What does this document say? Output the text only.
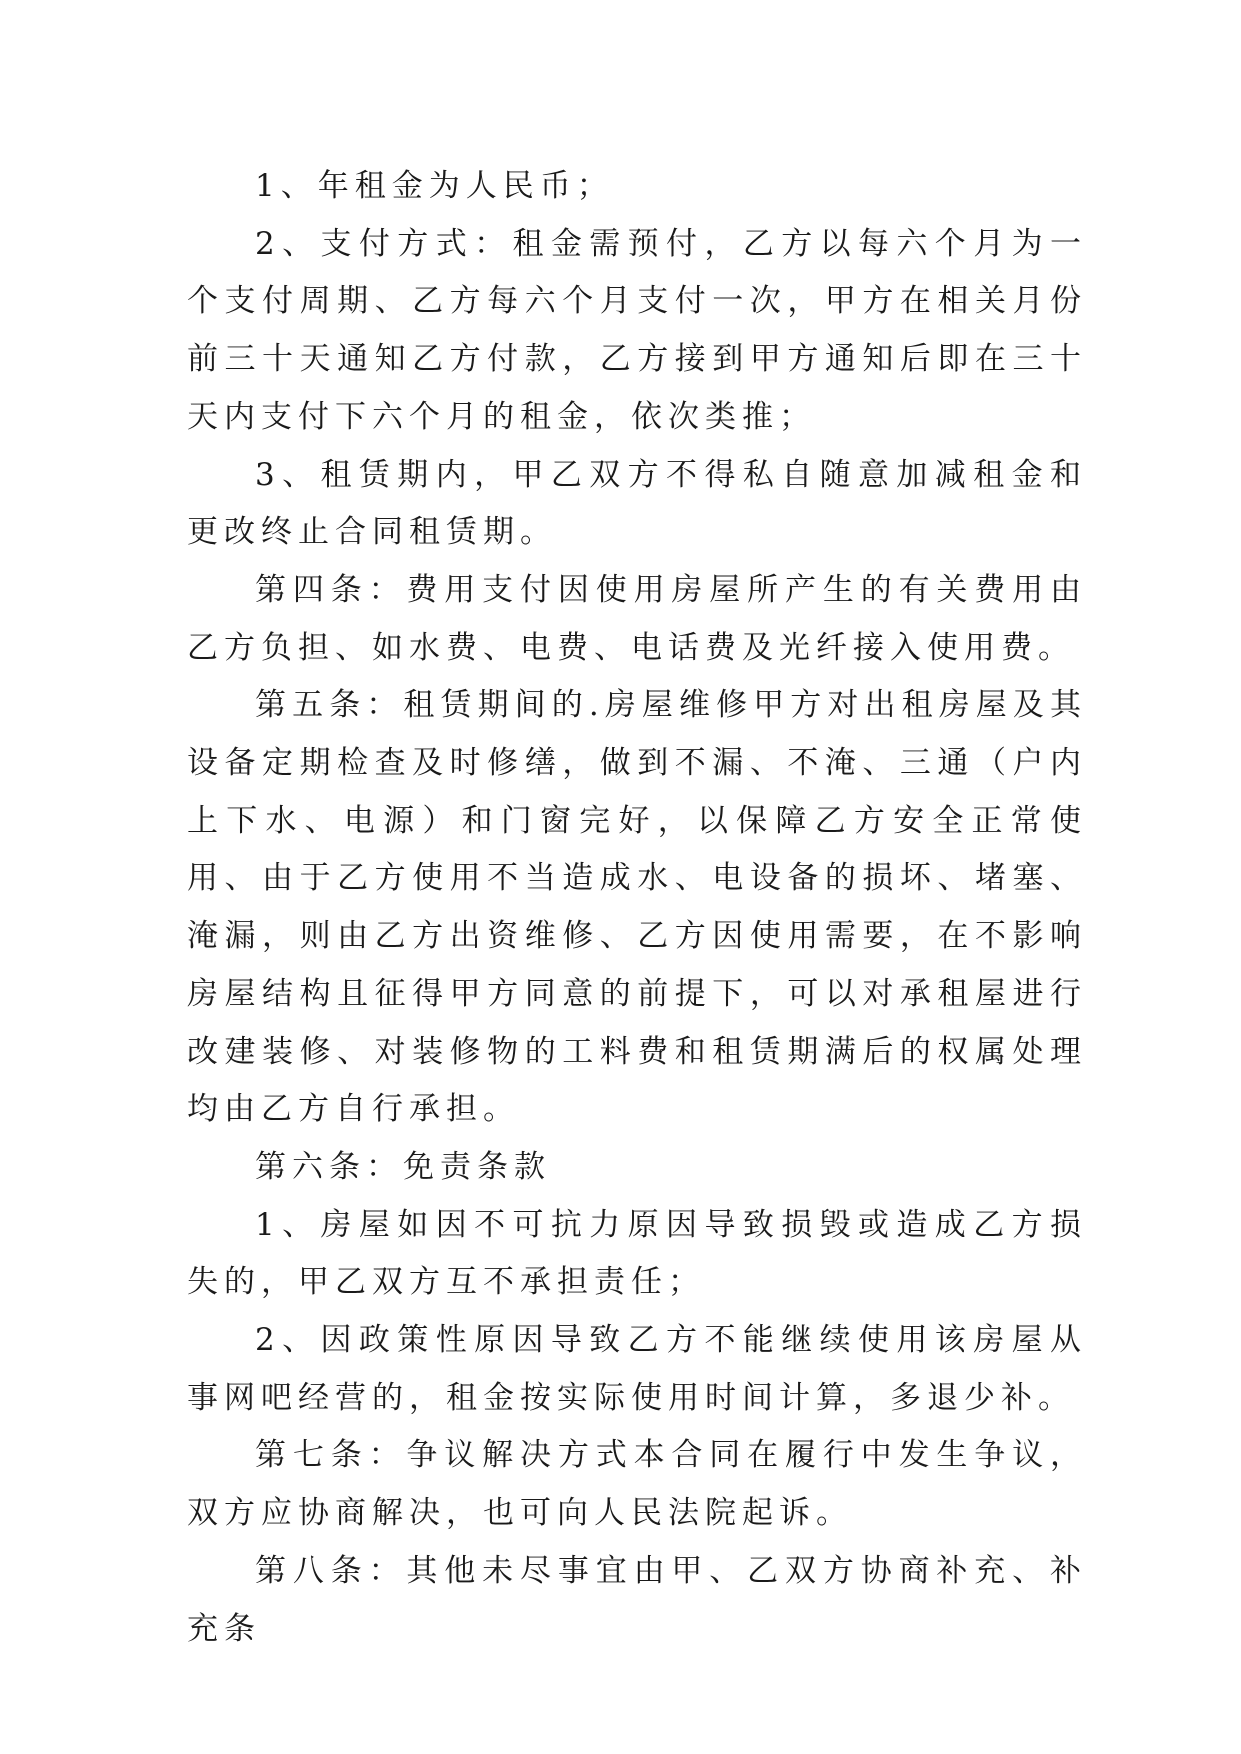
1、年租金为人民币；

2、支付方式：租金需预付，乙方以每六个月为一个支付周期、乙方每六个月支付一次，甲方在相关月份前三十天通知乙方付款，乙方接到甲方通知后即在三十天内支付下六个月的租金，依次类推；

3、租赁期内，甲乙双方不得私自随意加减租金和更改终止合同租赁期。

第四条：费用支付因使用房屋所产生的有关费用由乙方负担、如水费、电费、电话费及光纤接入使用费。

第五条：租赁期间的.房屋维修甲方对出租房屋及其设备定期检查及时修缮，做到不漏、不淹、三通（户内上下水、电源）和门窗完好，以保障乙方安全正常使用、由于乙方使用不当造成水、电设备的损坏、堵塞、淹漏，则由乙方出资维修、乙方因使用需要，在不影响房屋结构且征得甲方同意的前提下，可以对承租屋进行改建装修、对装修物的工料费和租赁期满后的权属处理均由乙方自行承担。

第六条：免责条款

1、房屋如因不可抗力原因导致损毁或造成乙方损失的，甲乙双方互不承担责任；

2、因政策性原因导致乙方不能继续使用该房屋从事网吧经营的，租金按实际使用时间计算，多退少补。

第七条：争议解决方式本合同在履行中发生争议，双方应协商解决，也可向人民法院起诉。

第八条：其他未尽事宜由甲、乙双方协商补充、补充条
